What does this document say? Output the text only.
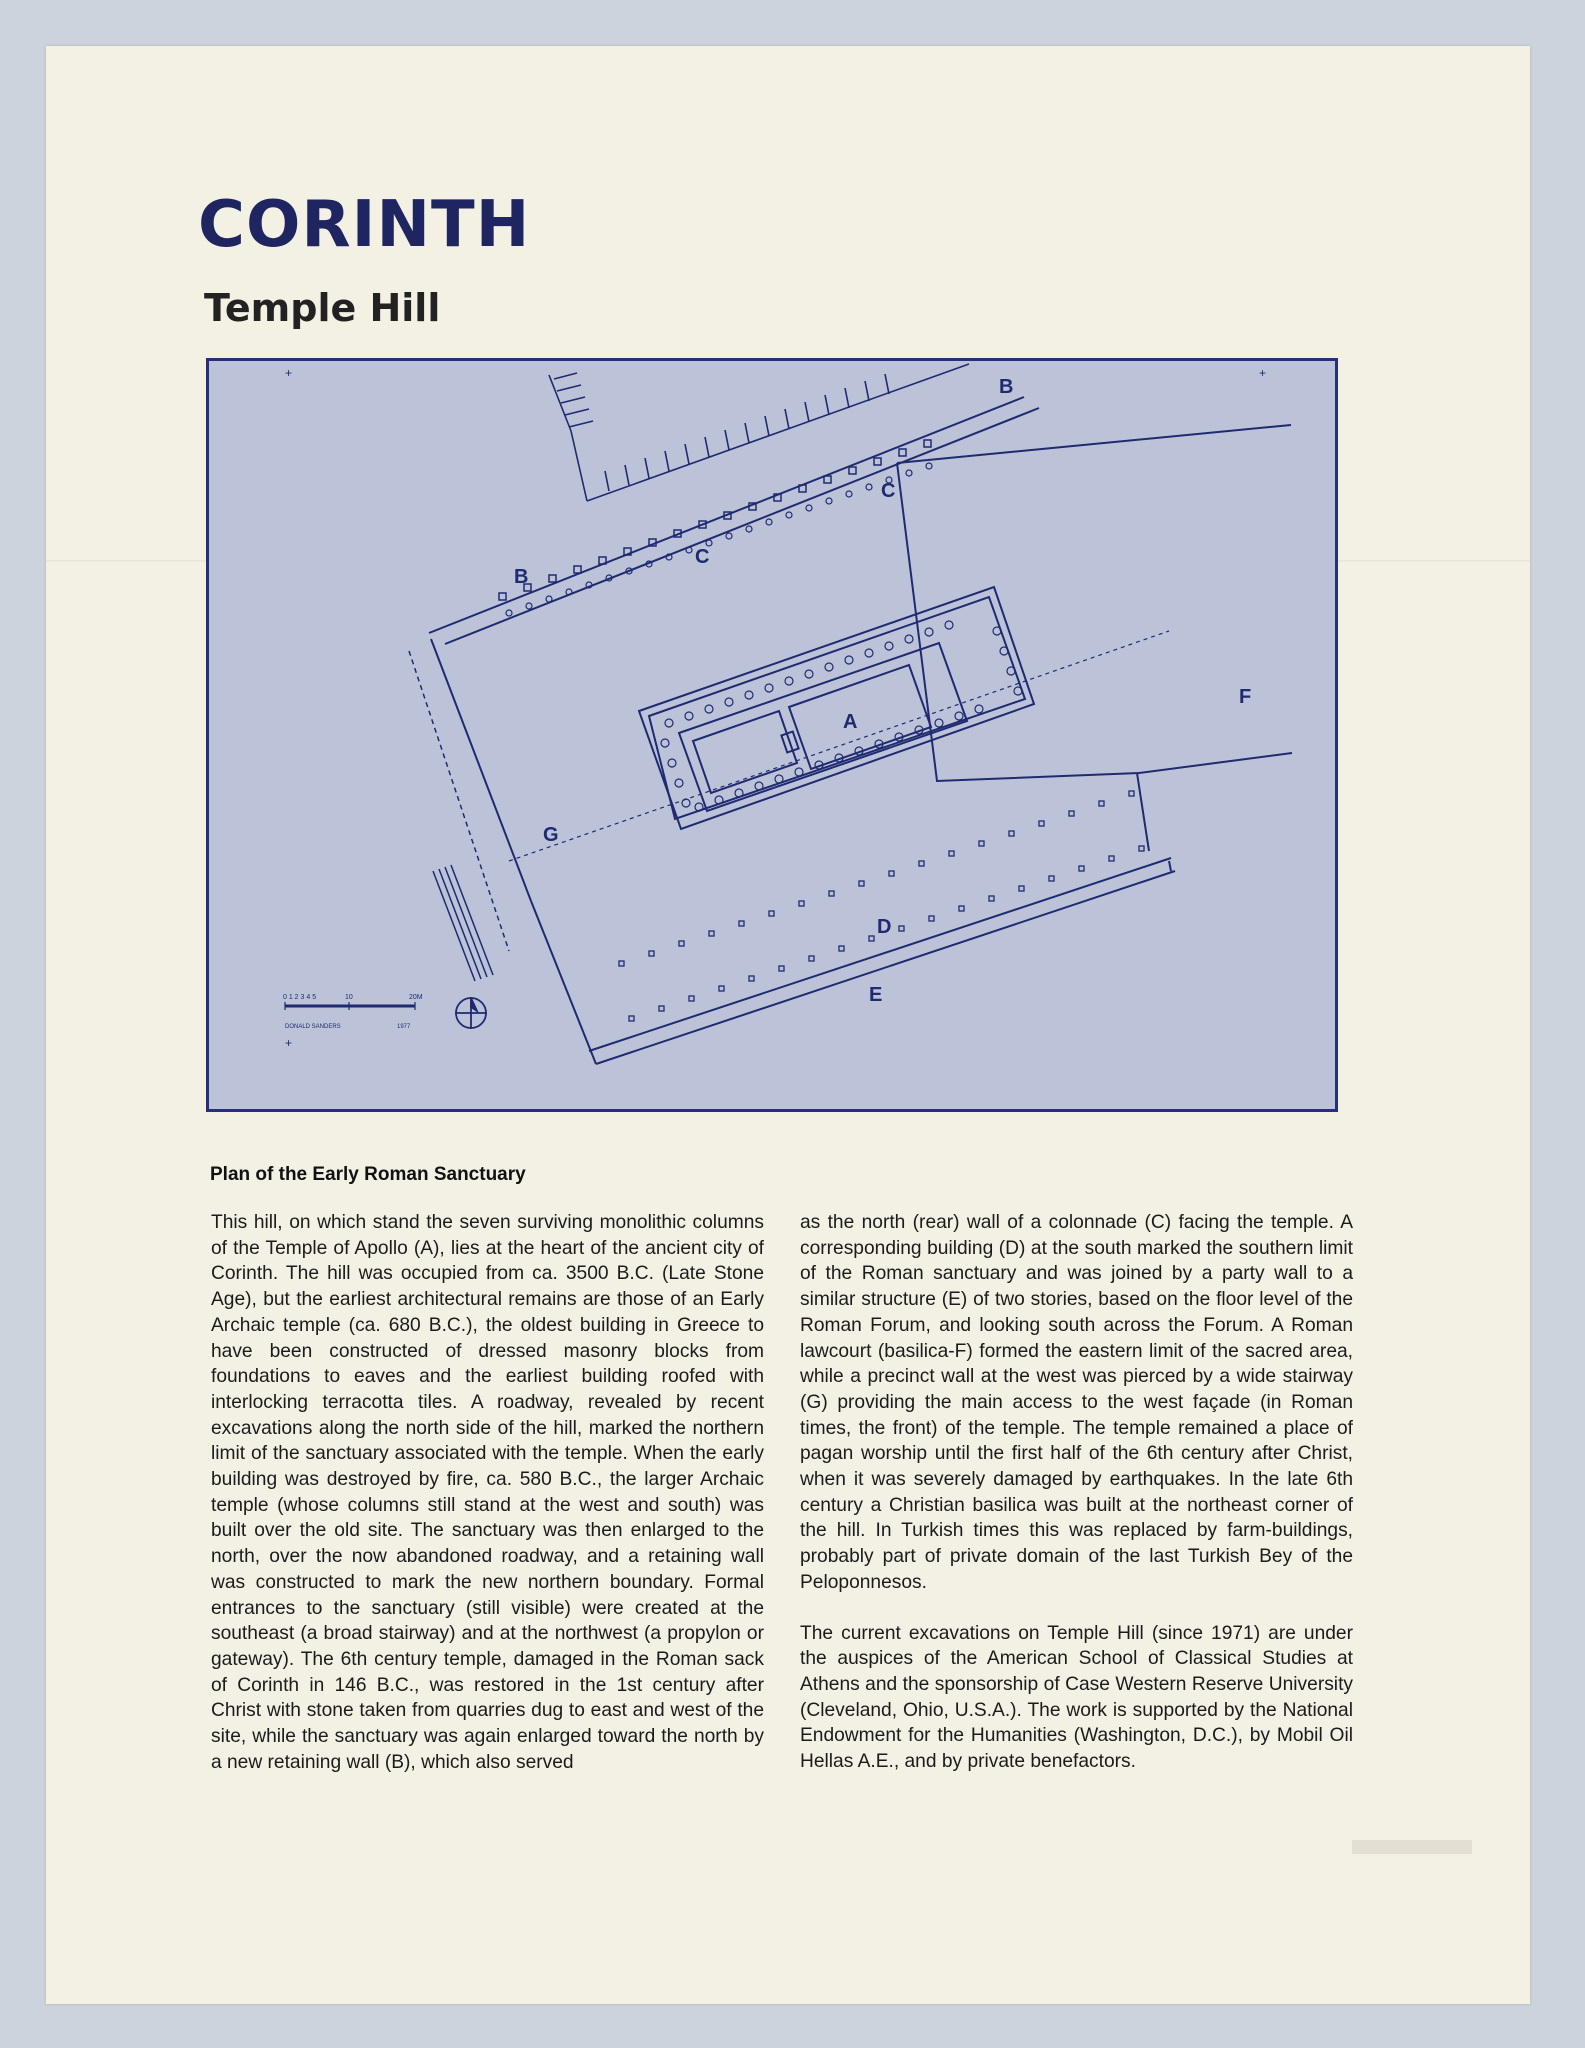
CORINTH
Temple Hill
+
+
+
A
B
B
C
C
D
E
F
G
0 1 2 3 4 5	10	20M
DONALD SANDERS	1977

Plan of the Early Roman Sanctuary

This hill, on which stand the seven surviving monolithic columns of the Temple of Apollo (A), lies at the heart of the ancient city of Corinth. The hill was occupied from ca. 3500 B.C. (Late Stone Age), but the earliest architectural remains are those of an Early Archaic temple (ca. 680 B.C.), the oldest building in Greece to have been constructed of dressed masonry blocks from foundations to eaves and the earliest building roofed with interlocking terracotta tiles. A roadway, revealed by recent excavations along the north side of the hill, marked the northern limit of the sanctuary associated with the temple. When the early building was destroyed by fire, ca. 580 B.C., the larger Archaic temple (whose columns still stand at the west and south) was built over the old site. The sanctuary was then enlarged to the north, over the now abandoned roadway, and a retaining wall was constructed to mark the new northern boundary. Formal entrances to the sanctuary (still visible) were created at the southeast (a broad stairway) and at the northwest (a propylon or gateway). The 6th century temple, damaged in the Roman sack of Corinth in 146 B.C., was restored in the 1st century after Christ with stone taken from quarries dug to east and west of the site, while the sanctuary was again enlarged toward the north by a new retaining wall (B), which also served

as the north (rear) wall of a colonnade (C) facing the temple. A corresponding building (D) at the south marked the southern limit of the Roman sanctuary and was joined by a party wall to a similar structure (E) of two stories, based on the floor level of the Roman Forum, and looking south across the Forum. A Roman lawcourt (basilica-F) formed the eastern limit of the sacred area, while a precinct wall at the west was pierced by a wide stairway (G) providing the main access to the west façade (in Roman times, the front) of the temple. The temple remained a place of pagan worship until the first half of the 6th century after Christ, when it was severely damaged by earthquakes. In the late 6th century a Christian basilica was built at the northeast corner of the hill. In Turkish times this was replaced by farm-buildings, probably part of private domain of the last Turkish Bey of the Peloponnesos.

The current excavations on Temple Hill (since 1971) are under the auspices of the American School of Classical Studies at Athens and the sponsorship of Case Western Reserve University (Cleveland, Ohio, U.S.A.). The work is supported by the National Endowment for the Humanities (Washington, D.C.), by Mobil Oil Hellas A.E., and by private benefactors.
